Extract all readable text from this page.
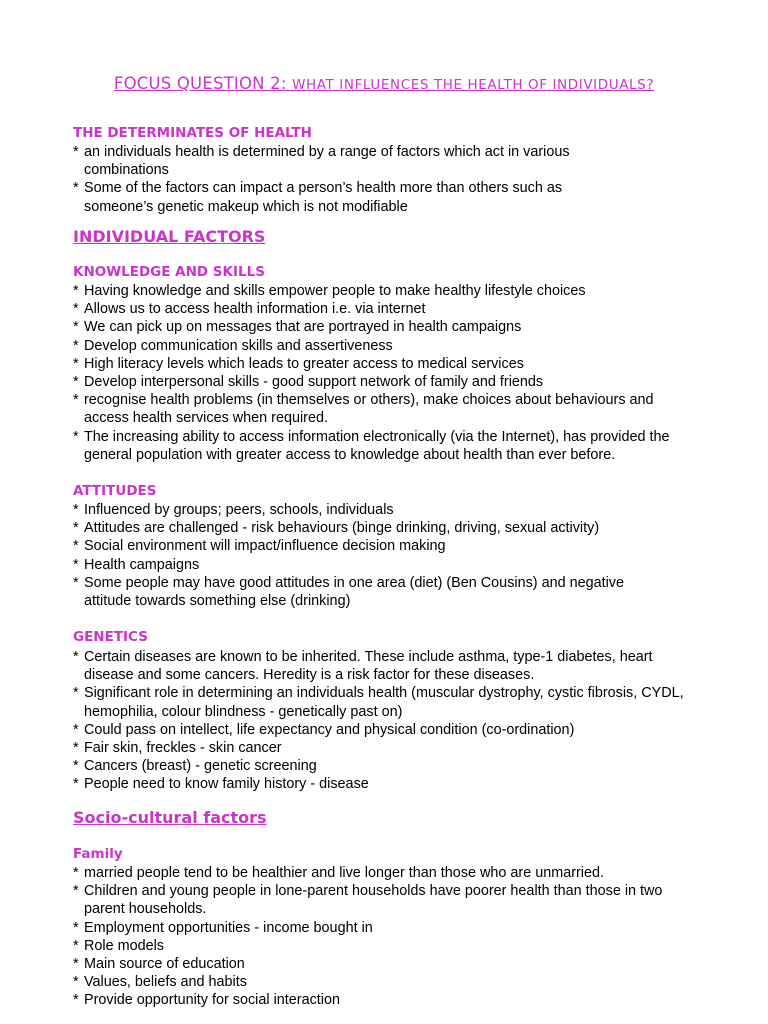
FOCUS QUESTION 2: WHAT INFLUENCES THE HEALTH OF INDIVIDUALS?
THE DETERMINATES OF HEALTH
* an individuals health is determined by a range of factors which act in various combinations
* Some of the factors can impact a person’s health more than others such as someone’s genetic makeup which is not modifiable
INDIVIDUAL FACTORS
KNOWLEDGE AND SKILLS
* Having knowledge and skills empower people to make healthy lifestyle choices
* Allows us to access health information i.e. via internet
* We can pick up on messages that are portrayed in health campaigns
* Develop communication skills and assertiveness
* High literacy levels which leads to greater access to medical services
* Develop interpersonal skills - good support network of family and friends
* recognise health problems (in themselves or others), make choices about behaviours and access health services when required.
* The increasing ability to access information electronically (via the Internet), has provided the general population with greater access to knowledge about health than ever before.
ATTITUDES
* Influenced by groups; peers, schools, individuals
* Attitudes are challenged - risk behaviours (binge drinking, driving, sexual activity)
* Social environment will impact/influence decision making
* Health campaigns
* Some people may have good attitudes in one area (diet) (Ben Cousins) and negative attitude towards something else (drinking)
GENETICS
* Certain diseases are known to be inherited. These include asthma, type-1 diabetes, heart disease and some cancers. Heredity is a risk factor for these diseases.
* Significant role in determining an individuals health (muscular dystrophy, cystic fibrosis, CYDL, hemophilia, colour blindness - genetically past on)
* Could pass on intellect, life expectancy and physical condition (co-ordination)
* Fair skin, freckles - skin cancer
* Cancers (breast) - genetic screening
* People need to know family history - disease
Socio-cultural factors
Family
* married people tend to be healthier and live longer than those who are unmarried.
* Children and young people in lone-parent households have poorer health than those in two parent households.
* Employment opportunities - income bought in
* Role models
* Main source of education
* Values, beliefs and habits
* Provide opportunity for social interaction
